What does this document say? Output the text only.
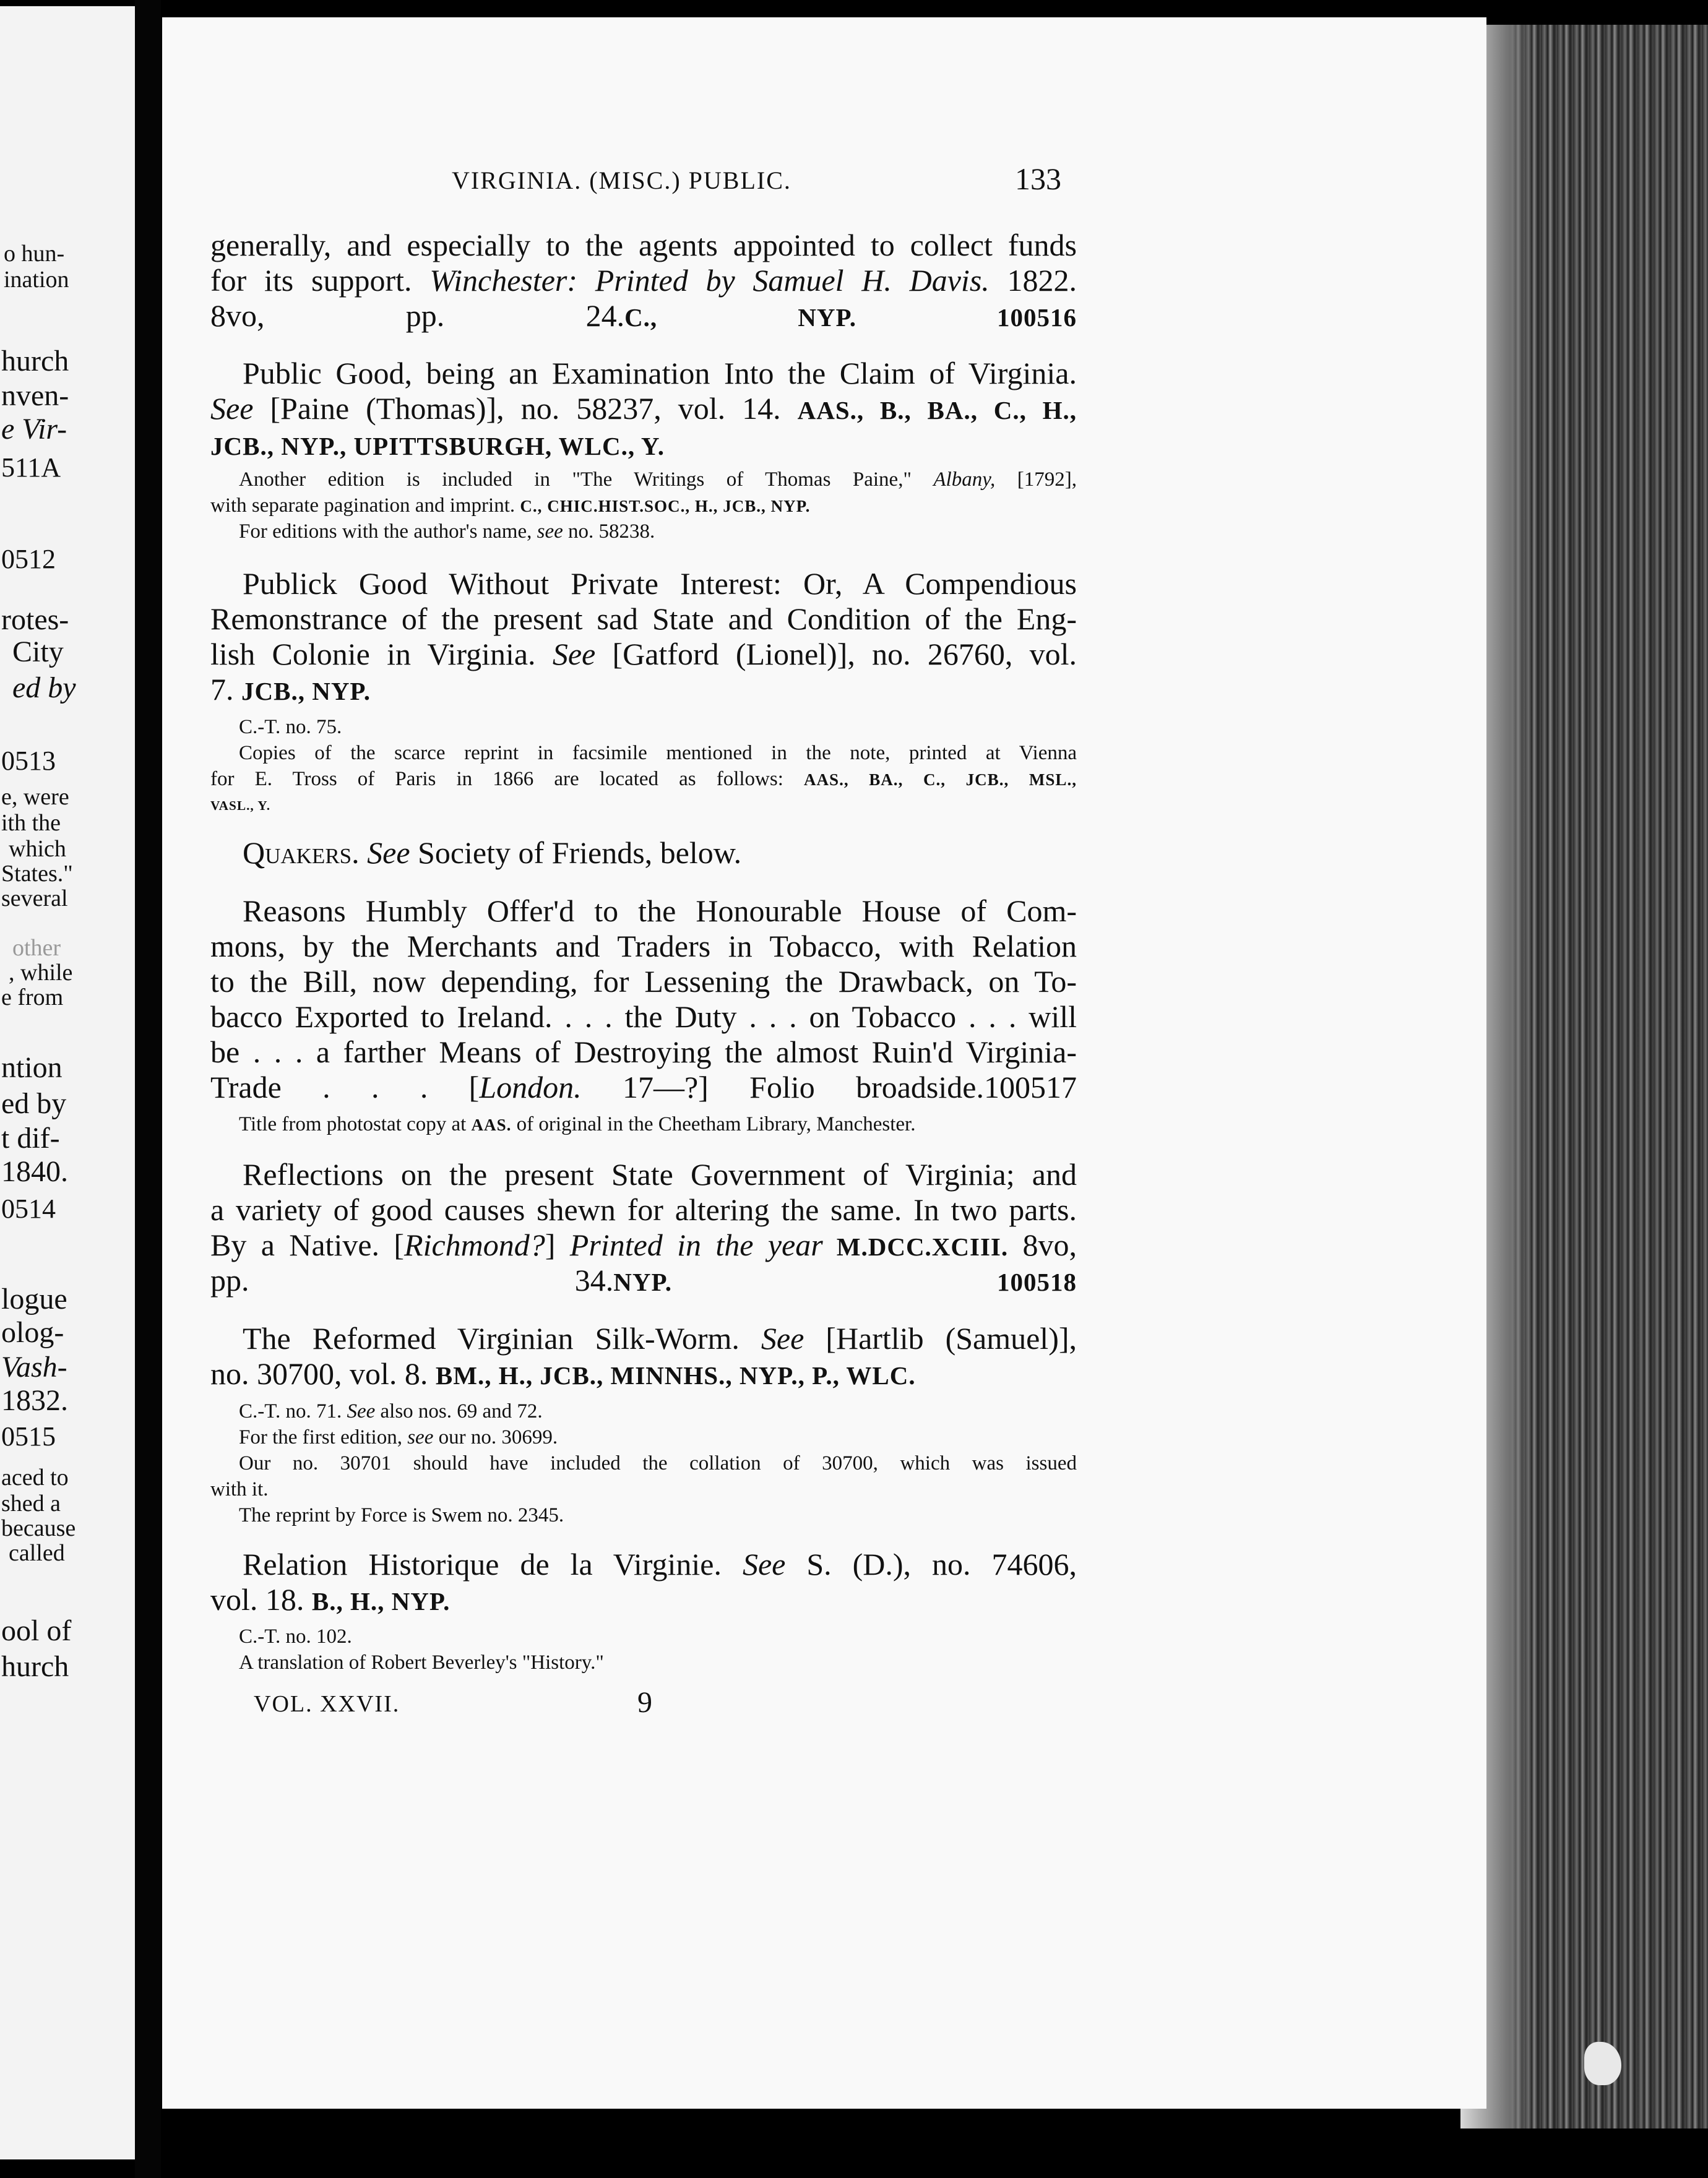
o hun-
ination
hurch
nven-
e Vir-
511A
0512
rotes-
City
ed by
0513
e, were
ith the
which
States."
several
other
, while
e from
ntion
ed by
t dif-
1840.
0514
logue
olog-
Vash-
1832.
0515
aced to
shed a
because
called
ool of
hurch
VIRGINIA. (MISC.) PUBLIC.	133
generally, and especially to the agents appointed to collect funds
for its support. Winchester: Printed by Samuel H. Davis. 1822.
8vo, pp. 24.C., NYP. 100516
Public Good, being an Examination Into the Claim of Virginia.
See [Paine (Thomas)], no. 58237, vol. 14. AAS., B., BA., C., H.,
JCB., NYP., UPITTSBURGH, WLC., Y.
Another edition is included in "The Writings of Thomas Paine," Albany, [1792],
with separate pagination and imprint. C., CHIC.HIST.SOC., H., JCB., NYP.
For editions with the author's name, see no. 58238.
Publick Good Without Private Interest: Or, A Compendious
Remonstrance of the present sad State and Condition of the Eng-
lish Colonie in Virginia. See [Gatford (Lionel)], no. 26760, vol.
7. JCB., NYP.
C.-T. no. 75.
Copies of the scarce reprint in facsimile mentioned in the note, printed at Vienna
for E. Tross of Paris in 1866 are located as follows: AAS., BA., C., JCB., MSL.,
VASL., Y.
Quakers. See Society of Friends, below.
Reasons Humbly Offer'd to the Honourable House of Com-
mons, by the Merchants and Traders in Tobacco, with Relation
to the Bill, now depending, for Lessening the Drawback, on To-
bacco Exported to Ireland. . . . the Duty . . . on Tobacco . . . will
be . . . a farther Means of Destroying the almost Ruin'd Virginia-
Trade . . . [London. 17—?] Folio broadside.100517
Title from photostat copy at AAS. of original in the Cheetham Library, Manchester.
Reflections on the present State Government of Virginia; and
a variety of good causes shewn for altering the same. In two parts.
By a Native. [Richmond?] Printed in the year M.DCC.XCIII. 8vo,
pp. 34.NYP. 100518
The Reformed Virginian Silk-Worm. See [Hartlib (Samuel)],
no. 30700, vol. 8. BM., H., JCB., MINNHS., NYP., P., WLC.
C.-T. no. 71. See also nos. 69 and 72.
For the first edition, see our no. 30699.
Our no. 30701 should have included the collation of 30700, which was issued
with it.
The reprint by Force is Swem no. 2345.
Relation Historique de la Virginie. See S. (D.), no. 74606,
vol. 18. B., H., NYP.
C.-T. no. 102.
A translation of Robert Beverley's "History."
VOL. XXVII.	9
